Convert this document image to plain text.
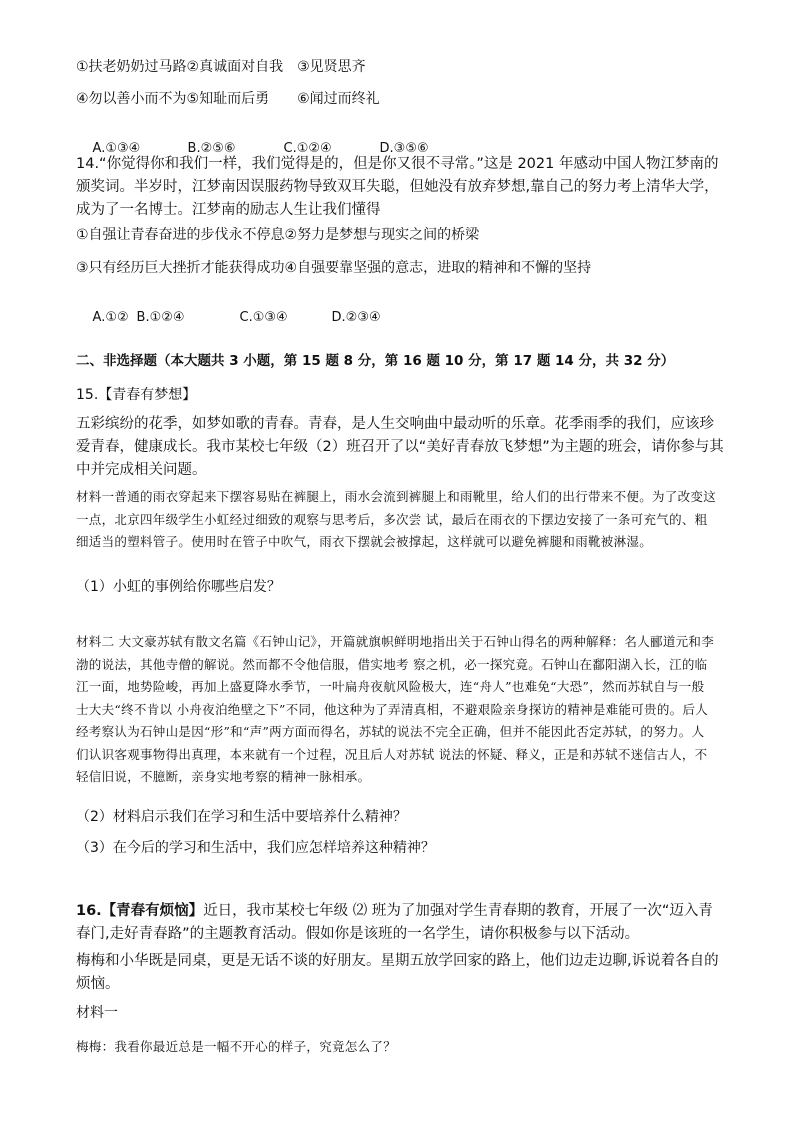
①扶老奶奶过马路②真诚面对自我　③见贤思齐
④勿以善小而不为⑤知耻而后勇　　⑥闻过而终礼

A.①③④	B.②⑤⑥	C.①②④	D.③⑤⑥

14.“你觉得你和我们一样，我们觉得是的，但是你又很不寻常。”这是 2021 年感动中国人物江梦南的颁奖词。半岁时，江梦南因误服药物导致双耳失聪，但她没有放弃梦想,靠自己的努力考上清华大学，成为了一名博士。江梦南的励志人生让我们懂得
①自强让青春奋进的步伐永不停息②努力是梦想与现实之间的桥梁
③只有经历巨大挫折才能获得成功④自强要靠坚强的意志，进取的精神和不懈的坚持

A.①② B.①②④	C.①③④	D.②③④

二、非选择题（本大题共 3 小题，第 15 题 8 分，第 16 题 10 分，第 17 题 14 分，共 32 分）
15.【青春有梦想】
五彩缤纷的花季，如梦如歌的青春。青春，是人生交响曲中最动听的乐章。花季雨季的我们，应该珍爱青春，健康成长。我市某校七年级（2）班召开了以“美好青春放飞梦想”为主题的班会，请你参与其中并完成相关问题。
材料一普通的雨衣穿起来下摆容易贴在裤腿上，雨水会流到裤腿上和雨靴里，给人们的出行带来不便。为了改变这一点，北京四年级学生小虹经过细致的观察与思考后，多次尝 试，最后在雨衣的下摆边安接了一条可充气的、粗细适当的塑料管子。使用时在管子中吹气，雨衣下摆就会被撑起，这样就可以避免裤腿和雨靴被淋湿。
（1）小虹的事例给你哪些启发？
材料二 大文豪苏轼有散文名篇《石钟山记》，开篇就旗帜鲜明地指出关于石钟山得名的两种解释：名人郦道元和李渤的说法，其他寺僧的解说。然而都不令他信服，借实地考 察之机，必一探究竟。石钟山在鄱阳湖入长，江的临江一面，地势险峻，再加上盛夏降水季节，一叶扁舟夜航风险极大，连“舟人”也难免“大恐”，然而苏轼自与一般士大夫“终不肯以 小舟夜泊绝壁之下”不同，他这种为了弄清真相，不避艰险亲身探访的精神是难能可贵的。后人经考察认为石钟山是因“形”和“声”两方面而得名，苏轼的说法不完全正确，但并不能因此否定苏轼，的努力。人们认识客观事物得出真理，本来就有一个过程，况且后人对苏轼 说法的怀疑、释义，正是和苏轼不迷信古人，不轻信旧说，不臆断，亲身实地考察的精神一脉相承。
（2）材料启示我们在学习和生活中要培养什么精神？
（3）在今后的学习和生活中，我们应怎样培养这种精神？
16.【青春有烦恼】近日，我市某校七年级 ⑵ 班为了加强对学生青春期的教育，开展了一次“迈入青春门,走好青春路”的主题教育活动。假如你是该班的一名学生，请你积极参与以下活动。
梅梅和小华既是同桌，更是无话不谈的好朋友。星期五放学回家的路上，他们边走边聊,诉说着各自的烦恼。
材料一
梅梅：我看你最近总是一幅不开心的样子，究竟怎么了？
